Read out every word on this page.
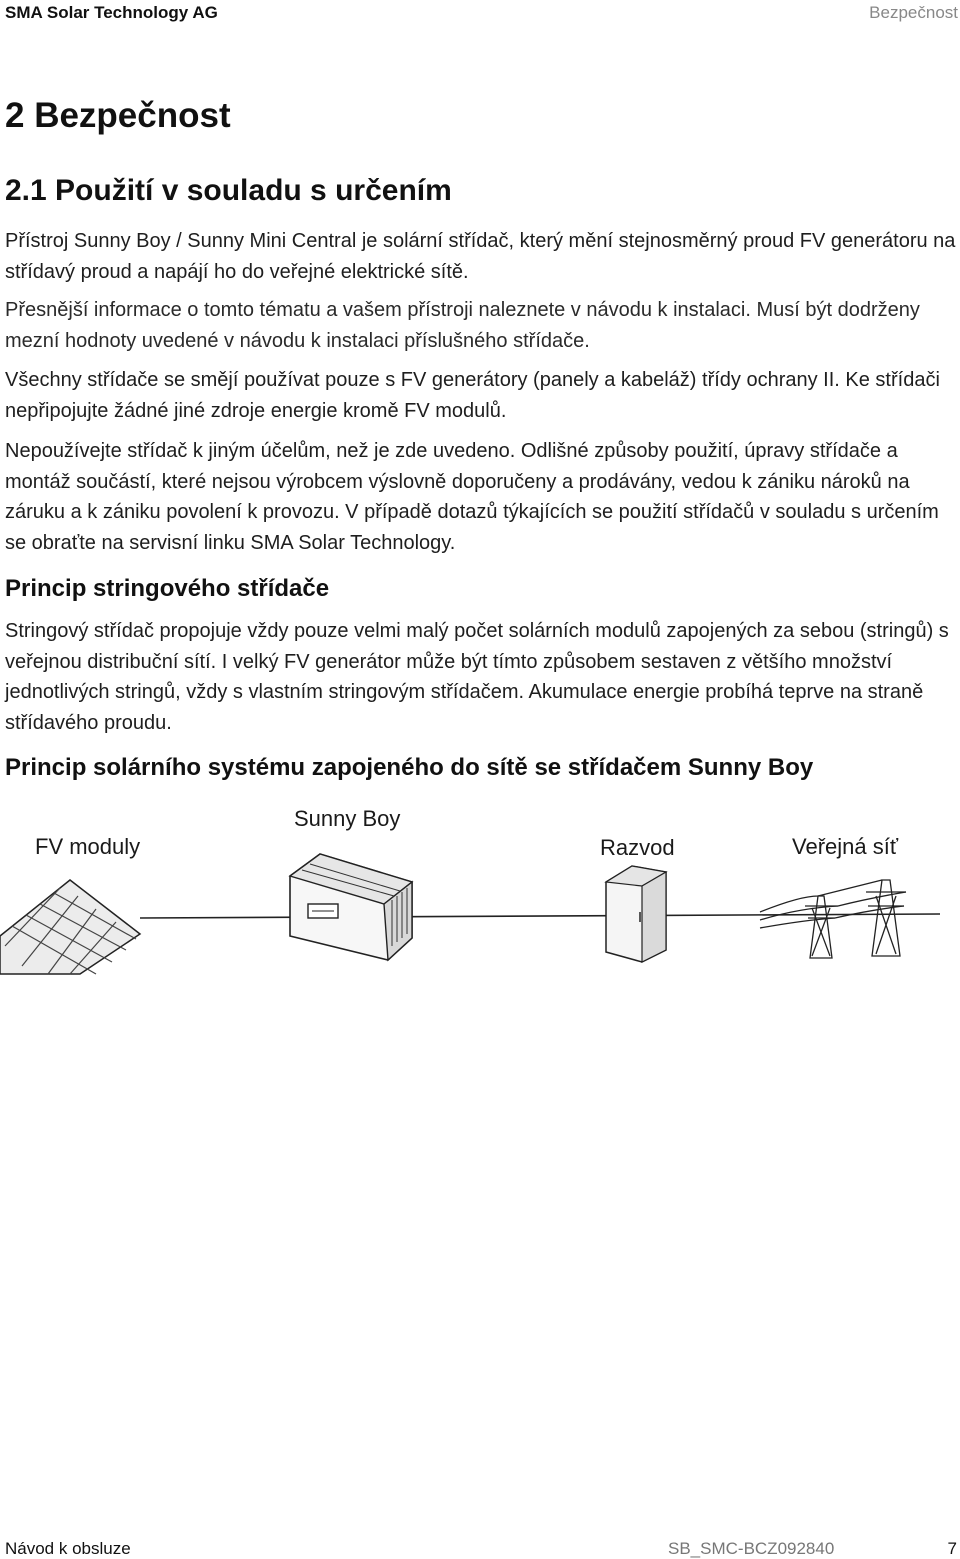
SMA Solar Technology AG	Bezpečnost
2 Bezpečnost
2.1 Použití v souladu s určením

Přístroj Sunny Boy / Sunny Mini Central je solární střídač, který mění stejnosměrný proud FV generátoru na střídavý proud a napájí ho do veřejné elektrické sítě.

Přesnější informace o tomto tématu a vašem přístroji naleznete v návodu k instalaci. Musí být dodrženy mezní hodnoty uvedené v návodu k instalaci příslušného střídače.

Všechny střídače se smějí používat pouze s FV generátory (panely a kabeláž) třídy ochrany II. Ke střídači nepřipojujte žádné jiné zdroje energie kromě FV modulů.

Nepoužívejte střídač k jiným účelům, než je zde uvedeno. Odlišné způsoby použití, úpravy střídače a montáž součástí, které nejsou výrobcem výslovně doporučeny a prodávány, vedou k zániku nároků na záruku a k zániku povolení k provozu. V případě dotazů týkajících se použití střídačů v souladu s určením se obraťte na servisní linku SMA Solar Technology.

Princip stringového střídače

Stringový střídač propojuje vždy pouze velmi malý počet solárních modulů zapojených za sebou (stringů) s veřejnou distribuční sítí. I velký FV generátor může být tímto způsobem sestaven z většího množství jednotlivých stringů, vždy s vlastním stringovým střídačem. Akumulace energie probíhá teprve na straně střídavého proudu.

Princip solárního systému zapojeného do sítě se střídačem Sunny Boy
FV moduly
Sunny Boy
Razvod	Veřejná síť
Návod k obsluze	SB_SMC-BCZ092840	7
